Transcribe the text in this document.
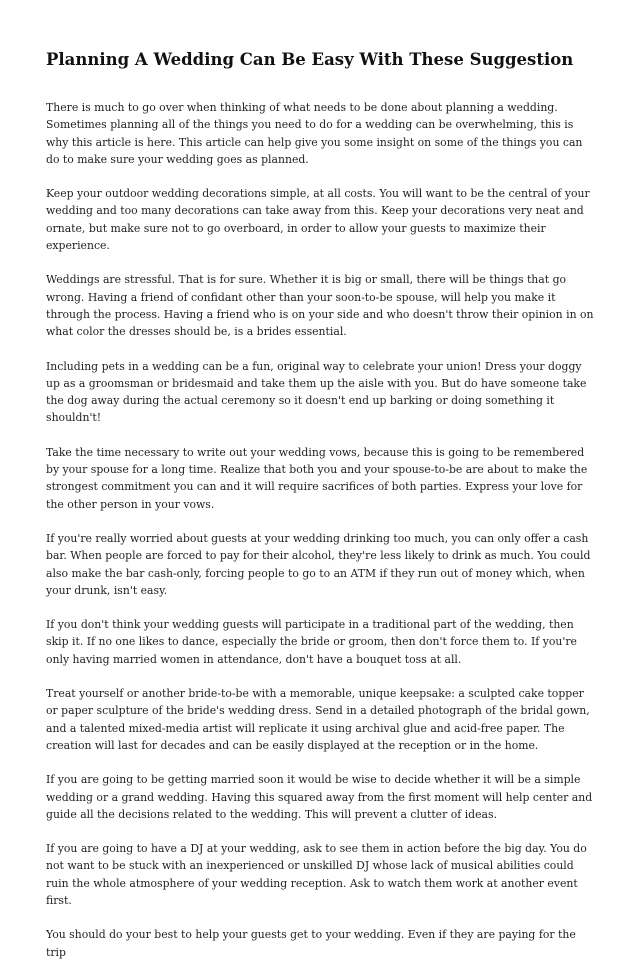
Planning A Wedding Can Be Easy With These Suggestion

There is much to go over when thinking of what needs to be done about planning a wedding. Sometimes planning all of the things you need to do for a wedding can be overwhelming, this is why this article is here. This article can help give you some insight on some of the things you can do to make sure your wedding goes as planned.

Keep your outdoor wedding decorations simple, at all costs. You will want to be the central of your wedding and too many decorations can take away from this. Keep your decorations very neat and ornate, but make sure not to go overboard, in order to allow your guests to maximize their experience.

Weddings are stressful. That is for sure. Whether it is big or small, there will be things that go wrong. Having a friend of confidant other than your soon-to-be spouse, will help you make it through the process. Having a friend who is on your side and who doesn't throw their opinion in on what color the dresses should be, is a brides essential.

Including pets in a wedding can be a fun, original way to celebrate your union! Dress your doggy up as a groomsman or bridesmaid and take them up the aisle with you. But do have someone take the dog away during the actual ceremony so it doesn't end up barking or doing something it shouldn't!

Take the time necessary to write out your wedding vows, because this is going to be remembered by your spouse for a long time. Realize that both you and your spouse-to-be are about to make the strongest commitment you can and it will require sacrifices of both parties. Express your love for the other person in your vows.

If you're really worried about guests at your wedding drinking too much, you can only offer a cash bar. When people are forced to pay for their alcohol, they're less likely to drink as much. You could also make the bar cash-only, forcing people to go to an ATM if they run out of money which, when your drunk, isn't easy.

If you don't think your wedding guests will participate in a traditional part of the wedding, then skip it. If no one likes to dance, especially the bride or groom, then don't force them to. If you're only having married women in attendance, don't have a bouquet toss at all.

Treat yourself or another bride-to-be with a memorable, unique keepsake: a sculpted cake topper or paper sculpture of the bride's wedding dress. Send in a detailed photograph of the bridal gown, and a talented mixed-media artist will replicate it using archival glue and acid-free paper. The creation will last for decades and can be easily displayed at the reception or in the home.

If you are going to be getting married soon it would be wise to decide whether it will be a simple wedding or a grand wedding. Having this squared away from the first moment will help center and guide all the decisions related to the wedding. This will prevent a clutter of ideas.

If you are going to have a DJ at your wedding, ask to see them in action before the big day. You do not want to be stuck with an inexperienced or unskilled DJ whose lack of musical abilities could ruin the whole atmosphere of your wedding reception. Ask to watch them work at another event first.

You should do your best to help your guests get to your wedding. Even if they are paying for the trip
